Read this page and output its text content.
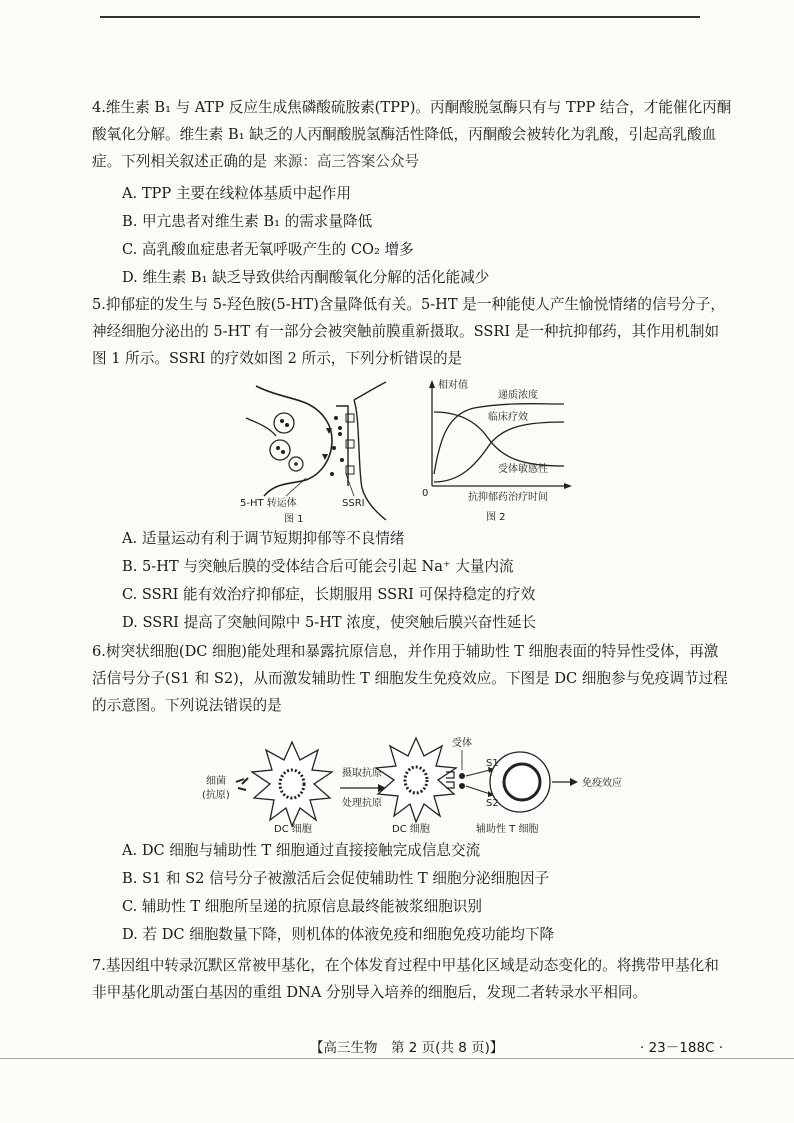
4.维生素 B₁ 与 ATP 反应生成焦磷酸硫胺素(TPP)。丙酮酸脱氢酶只有与 TPP 结合，才能催化丙酮酸氧化分解。维生素 B₁ 缺乏的人丙酮酸脱氢酶活性降低，丙酮酸会被转化为乳酸，引起高乳酸血症。下列相关叙述正确的是 来源：高三答案公众号
A. TPP 主要在线粒体基质中起作用
B. 甲亢患者对维生素 B₁ 的需求量降低
C. 高乳酸血症患者无氧呼吸产生的 CO₂ 增多
D. 维生素 B₁ 缺乏导致供给丙酮酸氧化分解的活化能减少
5.抑郁症的发生与 5-羟色胺(5-HT)含量降低有关。5-HT 是一种能使人产生愉悦情绪的信号分子，神经细胞分泌出的 5-HT 有一部分会被突触前膜重新摄取。SSRI 是一种抗抑郁药，其作用机制如图 1 所示。SSRI 的疗效如图 2 所示，下列分析错误的是
5-HT 转运体	SSRI
图 1
相对值
递质浓度
临床疗效
受体敏感性
0	抗抑郁药治疗时间
图 2
A. 适量运动有利于调节短期抑郁等不良情绪
B. 5-HT 与突触后膜的受体结合后可能会引起 Na⁺ 大量内流
C. SSRI 能有效治疗抑郁症，长期服用 SSRI 可保持稳定的疗效
D. SSRI 提高了突触间隙中 5-HT 浓度，使突触后膜兴奋性延长
6.树突状细胞(DC 细胞)能处理和暴露抗原信息，并作用于辅助性 T 细胞表面的特异性受体，再激活信号分子(S1 和 S2)，从而激发辅助性 T 细胞发生免疫效应。下图是 DC 细胞参与免疫调节过程的示意图。下列说法错误的是
细菌
(抗原)
摄取抗原
处理抗原
受体
S1
S2
免疫效应
DC 细胞	DC 细胞	辅助性 T 细胞
A. DC 细胞与辅助性 T 细胞通过直接接触完成信息交流
B. S1 和 S2 信号分子被激活后会促使辅助性 T 细胞分泌细胞因子
C. 辅助性 T 细胞所呈递的抗原信息最终能被浆细胞识别
D. 若 DC 细胞数量下降，则机体的体液免疫和细胞免疫功能均下降
7.基因组中转录沉默区常被甲基化，在个体发育过程中甲基化区域是动态变化的。将携带甲基化和非甲基化肌动蛋白基因的重组 DNA 分别导入培养的细胞后，发现二者转录水平相同。
【高三生物　第 2 页(共 8 页)】	· 23－188C ·
